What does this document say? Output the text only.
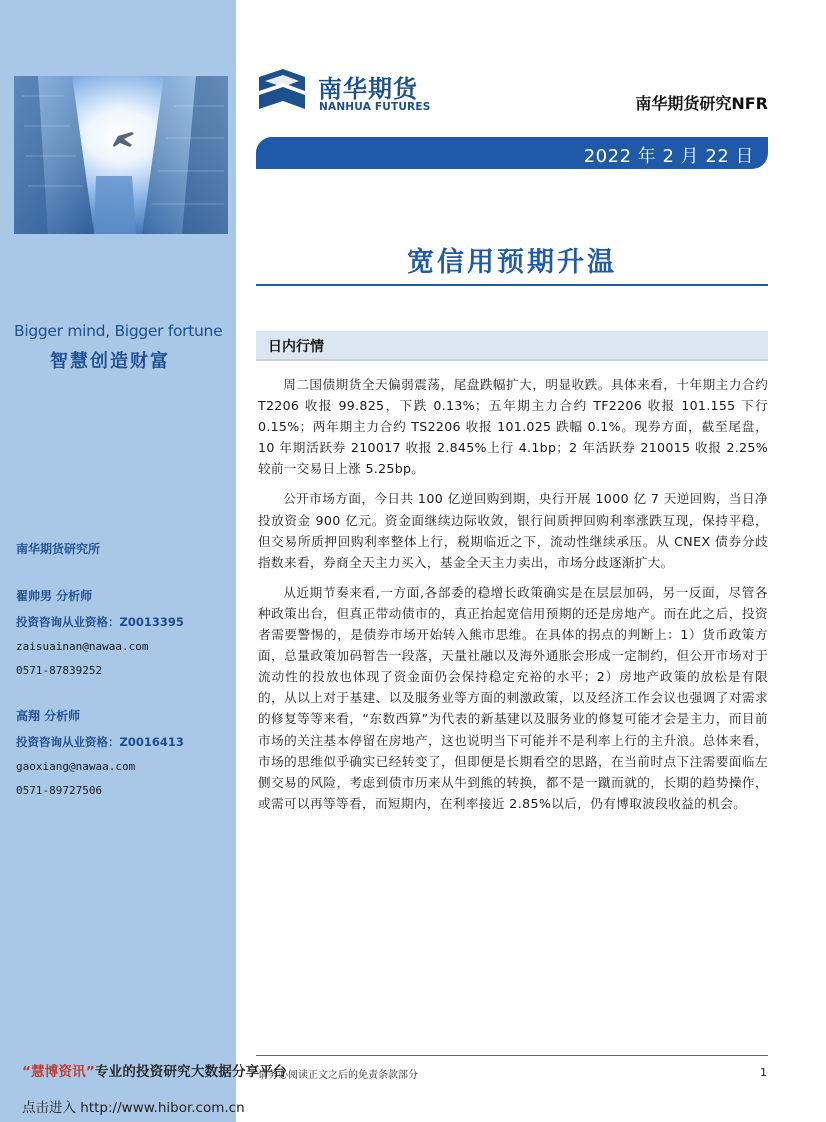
Bigger mind, Bigger fortune
智慧创造财富
南华期货研究所
翟帅男 分析师
投资咨询从业资格：Z0013395
zaisuainan@nawaa.com
0571-87839252
高翔 分析师
投资咨询从业资格：Z0016413
gaoxiang@nawaa.com
0571-89727506
南华期货
NANHUA FUTURES	南华期货研究NFR
2022 年 2 月 22 日
宽信用预期升温
日内行情

周二国债期货全天偏弱震荡，尾盘跌幅扩大，明显收跌。具体来看，十年期主力合约 T2206 收报 99.825，下跌 0.13%；五年期主力合约 TF2206 收报 101.155 下行 0.15%；两年期主力合约 TS2206 收报 101.025 跌幅 0.1%。现券方面，截至尾盘，10 年期活跃券 210017 收报 2.845%上行 4.1bp；2 年活跃券 210015 收报 2.25%较前一交易日上涨 5.25bp。

公开市场方面，今日共 100 亿逆回购到期，央行开展 1000 亿 7 天逆回购，当日净投放资金 900 亿元。资金面继续边际收敛，银行间质押回购利率涨跌互现，保持平稳，但交易所质押回购利率整体上行，税期临近之下，流动性继续承压。从 CNEX 债券分歧指数来看，券商全天主力买入，基金全天主力卖出，市场分歧逐渐扩大。

从近期节奏来看,一方面,各部委的稳增长政策确实是在层层加码，另一反面，尽管各种政策出台，但真正带动债市的，真正抬起宽信用预期的还是房地产。而在此之后，投资者需要警惕的，是债券市场开始转入熊市思维。在具体的拐点的判断上：1）货币政策方面，总量政策加码暂告一段落，天量社融以及海外通胀会形成一定制约，但公开市场对于流动性的投放也体现了资金面仍会保持稳定充裕的水平；2）房地产政策的放松是有限的，从以上对于基建、以及服务业等方面的刺激政策，以及经济工作会议也强调了对需求的修复等等来看，“东数西算”为代表的新基建以及服务业的修复可能才会是主力，而目前市场的关注基本停留在房地产，这也说明当下可能并不是利率上行的主升浪。总体来看，市场的思维似乎确实已经转变了，但即便是长期看空的思路，在当前时点下注需要面临左侧交易的风险，考虑到债市历来从牛到熊的转换，都不是一蹴而就的，长期的趋势操作，或需可以再等等看，而短期内，在利率接近 2.85%以后，仍有博取波段收益的机会。

请务必阅读正文之后的免责条款部分	1
“慧博资讯”专业的投资研究大数据分享平台
点击进入 http://www.hibor.com.cn
